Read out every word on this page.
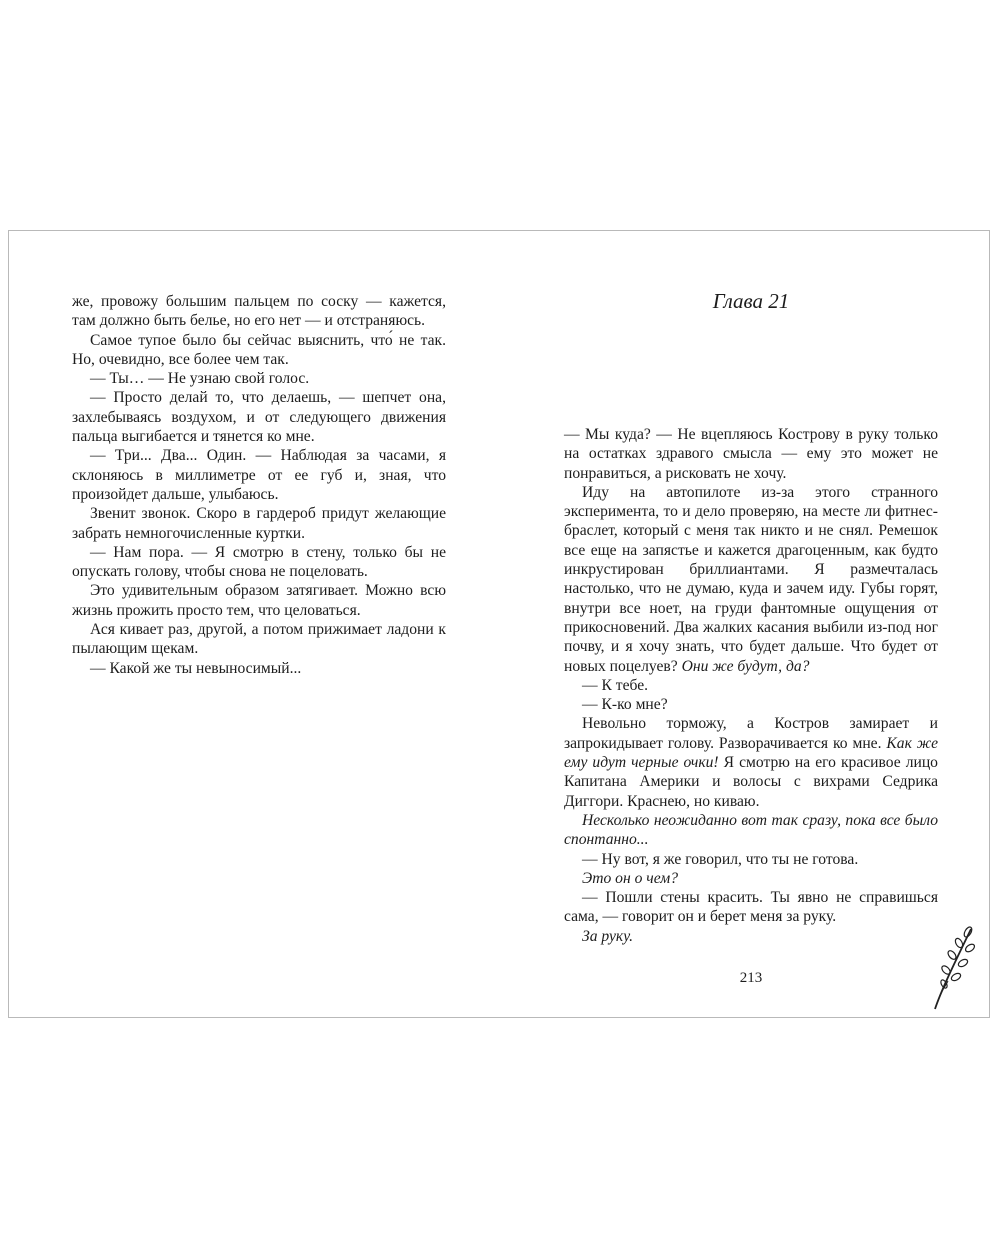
же, провожу большим пальцем по соску — кажется, там должно быть белье, но его нет — и отстраняюсь.

Самое тупое было бы сейчас выяснить, что́ не так. Но, очевидно, все более чем так.

— Ты… — Не узнаю свой голос.

— Просто делай то, что делаешь, — шепчет она, захлебываясь воздухом, и от следующего движения пальца выгибается и тянется ко мне.

— Три... Два... Один. — Наблюдая за часами, я склоняюсь в миллиметре от ее губ и, зная, что произойдет дальше, улыбаюсь.

Звенит звонок. Скоро в гардероб придут желающие забрать немногочисленные куртки.

— Нам пора. — Я смотрю в стену, только бы не опускать голову, чтобы снова не поцеловать.

Это удивительным образом затягивает. Можно всю жизнь прожить просто тем, что целоваться.

Ася кивает раз, другой, а потом прижимает ладони к пылающим щекам.

— Какой же ты невыносимый...

Глава 21

— Мы куда? — Не вцепляюсь Кострову в руку только на остатках здравого смысла — ему это может не понравиться, а рисковать не хочу.

Иду на автопилоте из-за этого странного эксперимента, то и дело проверяю, на месте ли фитнес-браслет, который с меня так никто и не снял. Ремешок все еще на запястье и кажется драгоценным, как будто инкрустирован бриллиантами. Я размечталась настолько, что не думаю, куда и зачем иду. Губы горят, внутри все ноет, на груди фантомные ощущения от прикосновений. Два жалких касания выбили из-под ног почву, и я хочу знать, что будет дальше. Что будет от новых поцелуев? Они же будут, да?

— К тебе.

— К-ко мне?

Невольно торможу, а Костров замирает и запрокидывает голову. Разворачивается ко мне. Как же ему идут черные очки! Я смотрю на его красивое лицо Капитана Америки и волосы с вихрами Седрика Диггори. Краснею, но киваю.

Несколько неожиданно вот так сразу, пока все было спонтанно...

— Ну вот, я же говорил, что ты не готова.

Это он о чем?

— Пошли стены красить. Ты явно не справишься сама, — говорит он и берет меня за руку.

За руку.

213
